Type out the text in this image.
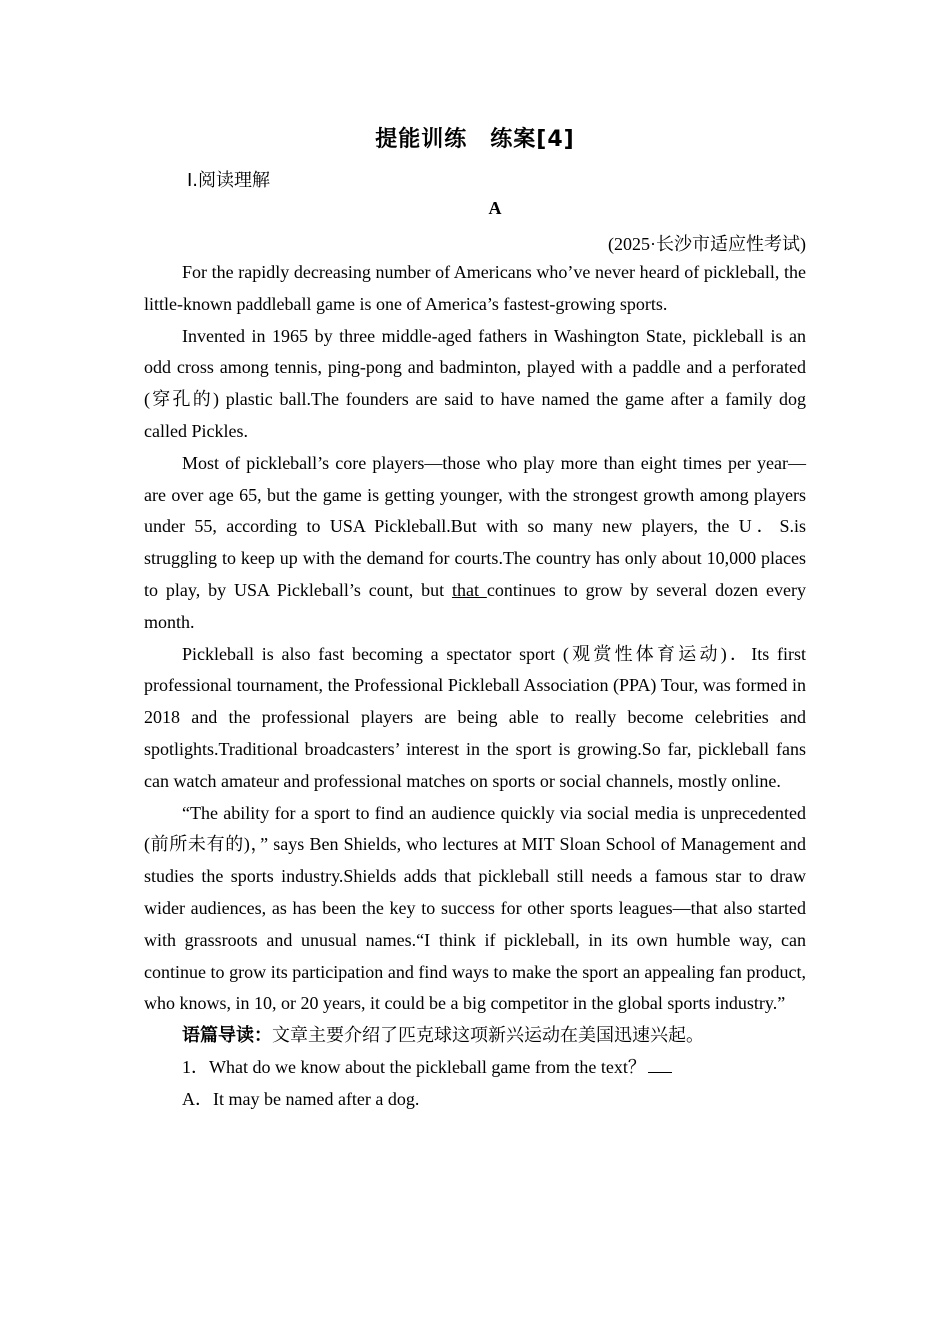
提能训练　练案[4]
Ⅰ.阅读理解
A
(2025·长沙市适应性考试)

For the rapidly decreasing number of Americans who’ve never heard of pickleball, the little-known paddleball game is one of America’s fastest-growing sports.

Invented in 1965 by three middle-aged fathers in Washington State, pickleball is an odd cross among tennis, ping-pong and badminton, played with a paddle and a perforated (穿孔的) plastic ball.The founders are said to have named the game after a family dog called Pickles.

Most of pickleball’s core players—those who play more than eight times per year—are over age 65, but the game is getting younger, with the strongest growth among players under 55, according to USA Pickleball.But with so many new players, the U．S.is struggling to keep up with the demand for courts.The country has only about 10,000 places to play, by USA Pickleball’s count, but that continues to grow by several dozen every month.

Pickleball is also fast becoming a spectator sport (观赏性体育运动)．Its first professional tournament, the Professional Pickleball Association (PPA) Tour, was formed in 2018 and the professional players are being able to really become celebrities and spotlights.Traditional broadcasters’ interest in the sport is growing.So far, pickleball fans can watch amateur and professional matches on sports or social channels, mostly online.

“The ability for a sport to find an audience quickly via social media is unprecedented (前所未有的)，” says Ben Shields, who lectures at MIT Sloan School of Management and studies the sports industry.Shields adds that pickleball still needs a famous star to draw wider audiences, as has been the key to success for other sports leagues—that also started with grassroots and unusual names.“I think if pickleball, in its own humble way, can continue to grow its participation and find ways to make the sport an appealing fan product, who knows, in 10, or 20 years, it could be a big competitor in the global sports industry.”

语篇导读：文章主要介绍了匹克球这项新兴运动在美国迅速兴起。

1．What do we know about the pickleball game from the text？

A．It may be named after a dog.
